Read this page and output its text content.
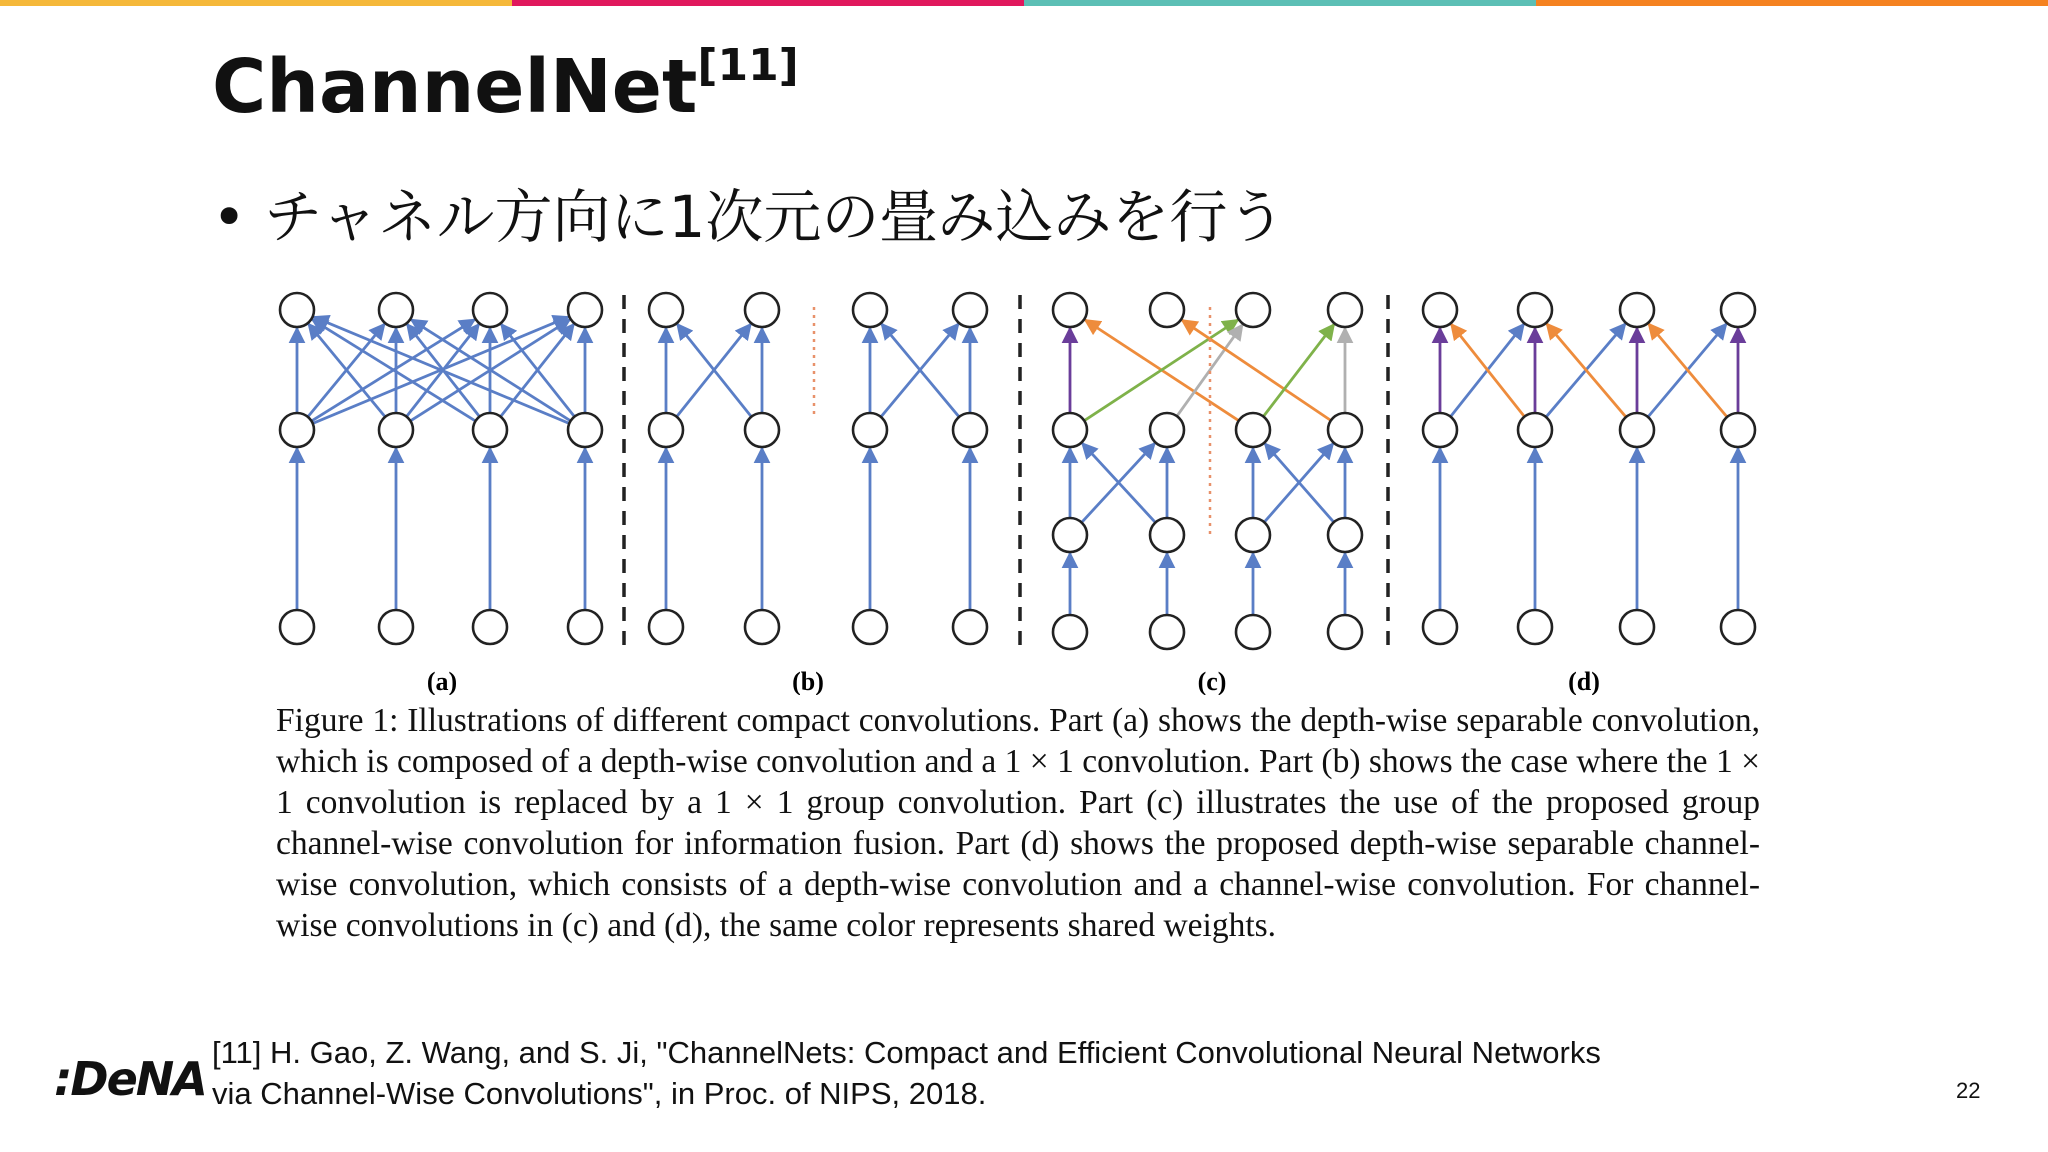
ChannelNet[11]
• チャネル方向に1次元の畳み込みを行う
(a)	(b)	(c)	(d)
Figure 1: Illustrations of different compact convolutions. Part (a) shows the depth-wise separable convolution, which is composed of a depth-wise convolution and a 1 × 1 convolution. Part (b) shows the case where the 1 × 1 convolution is replaced by a 1 × 1 group convolution. Part (c) illustrates the use of the proposed group channel-wise convolution for information fusion. Part (d) shows the proposed depth-wise separable channel-wise convolution, which consists of a depth-wise convolution and a channel-wise convolution. For channel-wise convolutions in (c) and (d), the same color represents shared weights.
[11] H. Gao, Z. Wang, and S. Ji, "ChannelNets: Compact and Efficient Convolutional Neural Networks
via Channel-Wise Convolutions", in Proc. of NIPS, 2018.
:DeNA	22
